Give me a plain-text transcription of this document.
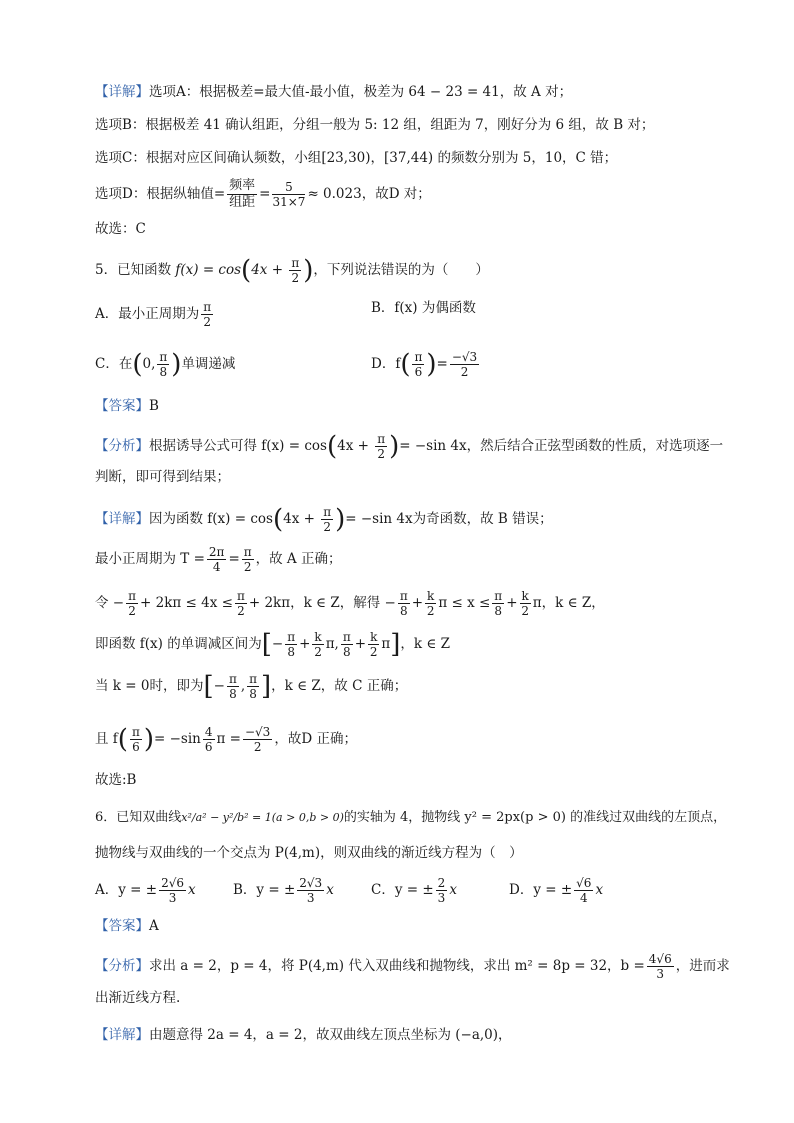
【详解】选项A：根据极差=最大值-最小值，极差为 64 − 23 = 41，故 A 对；
选项B：根据极差 41 确认组距，分组一般为 5: 12 组，组距为 7，刚好分为 6 组，故 B 对；
选项C：根据对应区间确认频数，小组[23,30)，[37,44) 的频数分别为 5，10，C 错；
选项D：根据纵轴值= $\frac{\text{频率}}{\text{组距}} = \frac{5}{31\times 7} \approx 0.023$，故D 对；
故选：C
5．已知函数 $f(x) = \cos(4x + \frac{\pi}{2}$ )，下列说法错误的为（　　）
A．最小正周期为 $\frac{\pi}{2}$	B．f(x) 为偶函数
C．在(0, $\frac{\pi}{8}$ )单调递减	D．$f( \frac{\pi}{6}$ )= $\frac{-√3}{2}$
【答案】B
【分析】根据诱导公式可得 $f(x) = \cos(4x + \frac{\pi}{2}$ )= −sin 4x，然后结合正弦型函数的性质，对选项逐一
判断，即可得到结果；
【详解】因为函数 $f(x) = \cos(4x + \frac{\pi}{2}$ )= −sin 4x为奇函数，故 B 错误；
最小正周期为 $T = \frac{2\pi}{4} = \frac{\pi}{2}$ ，故 A 正确；
令 − $\frac{\pi}{2} + 2k\pi \le 4x \le \frac{\pi}{2} + 2k\pi$，k ∈ Z，解得 − $\frac{\pi}{8} + \frac{k}{2}$ $\pi \le x \le \frac{\pi}{8} + \frac{k}{2}$ π，k ∈ Z，
即函数 f(x) 的单调减区间为[− $\frac{\pi}{8} + \frac{k}{2} \pi$, $\frac{\pi}{8} + \frac{k}{2} \pi$]，k ∈ Z
当 k = 0时，即为[− $\frac{\pi}{8}$ , $\frac{\pi}{8}$ ]，k ∈ Z，故 C 正确；
且 $f( \frac{\pi}{6}$ )= $-\sin \frac{4}{6}$ $\pi = \frac{-√3}{2}$ ，故D 正确；
故选:B
6．已知双曲线x²/a² − y²/b² = 1(a > 0,b > 0)的实轴为 4，抛物线 y² = 2px(p > 0) 的准线过双曲线的左顶点，
抛物线与双曲线的一个交点为 P(4,m)，则双曲线的渐近线方程为（　）
A．y = ± $\frac{2√6}{3}$ x	B．y = ± $\frac{2√3}{3}$ x	C．y = ± $\frac{2}{3}$ x	D．y = ± $\frac{√6}{4}$ x
【答案】A
【分析】求出 a = 2，p = 4，将 P(4,m) 代入双曲线和抛物线，求出 m² = 8p = 32，$b = \frac{4√6}{3}$ ，进而求
出渐近线方程.
【详解】由题意得 2a = 4，a = 2，故双曲线左顶点坐标为 (−a,0)，
